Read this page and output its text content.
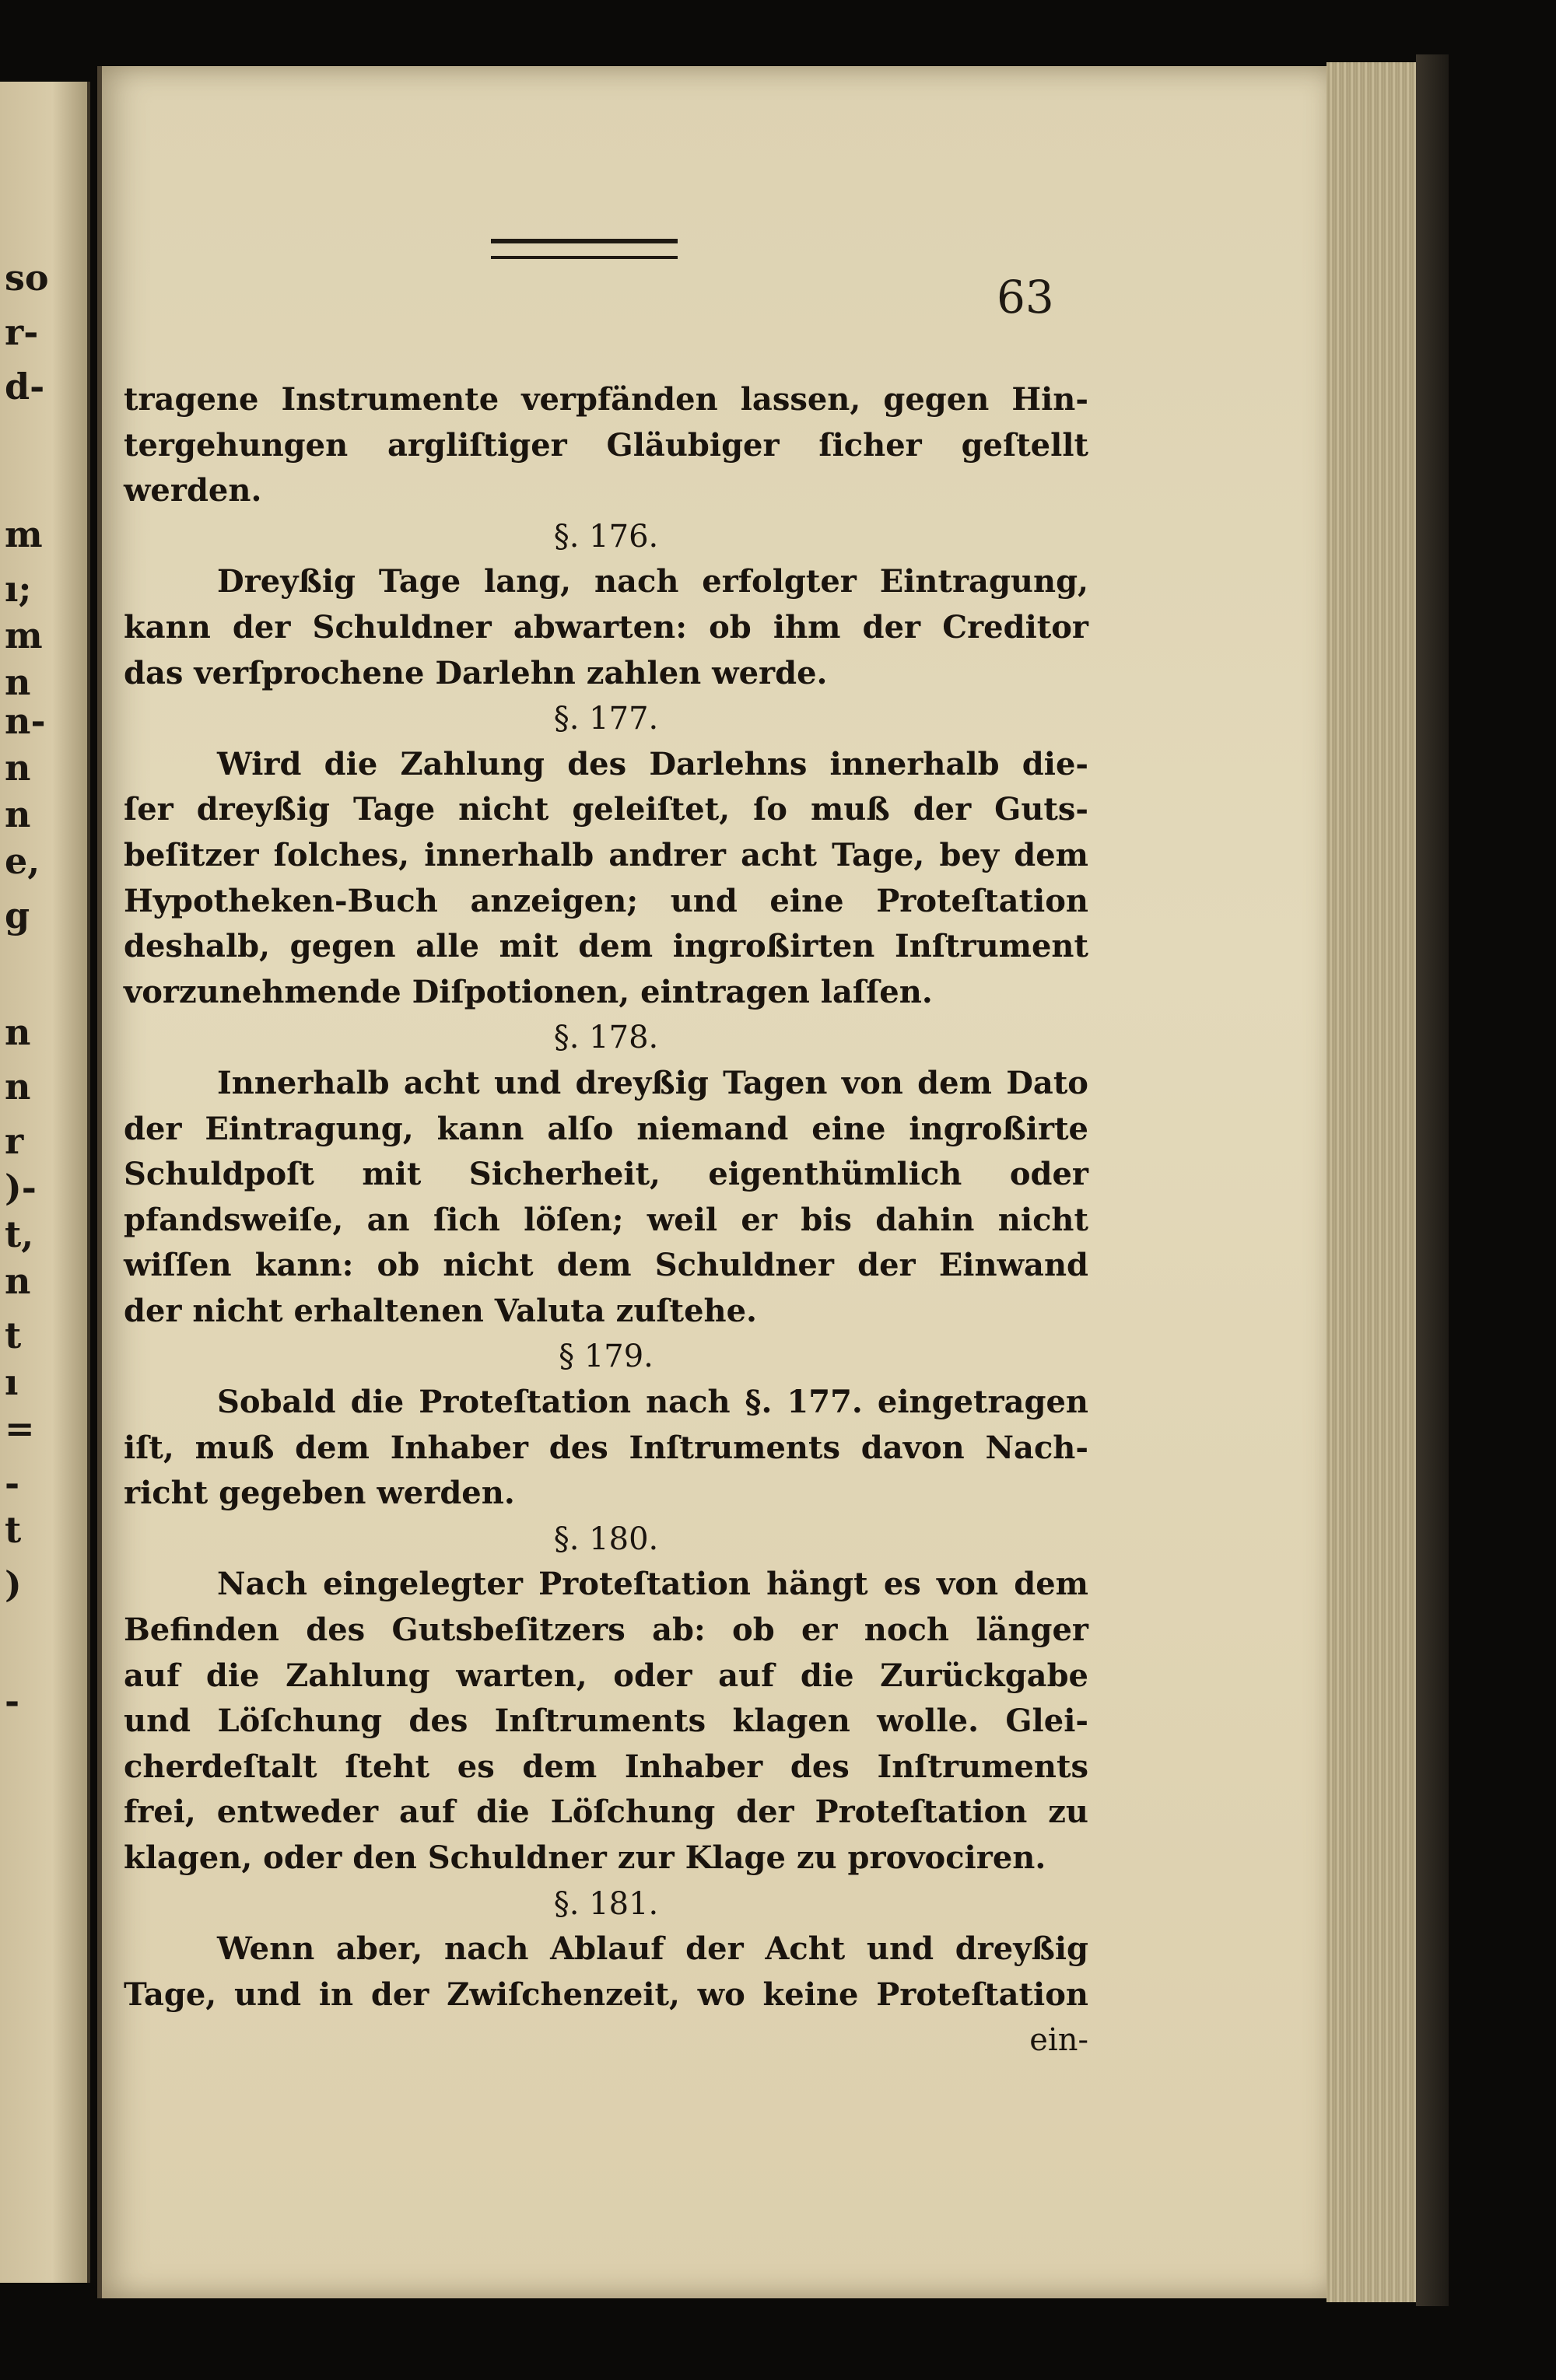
so
r-
d-
m
ı;
m
n
n-
n
n
e,
g
n
n
r
)-
t,
n
t
ı
=
-
t
)
-
63
tragene Instrumente verpfänden lassen, gegen Hin-
tergehungen argliſtiger Gläubiger ſicher geſtellt
werden.
§. 176.
Dreyßig Tage lang, nach erfolgter Eintragung,
kann der Schuldner abwarten: ob ihm der Creditor
das verſprochene Darlehn zahlen werde.
§. 177.
Wird die Zahlung des Darlehns innerhalb die-
ſer dreyßig Tage nicht geleiſtet, ſo muß der Guts-
beſitzer ſolches, innerhalb andrer acht Tage, bey dem
Hypotheken-Buch anzeigen; und eine Proteſtation
deshalb, gegen alle mit dem ingroßirten Inſtrument
vorzunehmende Diſpotionen, eintragen laſſen.
§. 178.
Innerhalb acht und dreyßig Tagen von dem Dato
der Eintragung, kann alſo niemand eine ingroßirte
Schuldpoſt mit Sicherheit, eigenthümlich oder
pfandsweiſe, an ſich löſen; weil er bis dahin nicht
wiſſen kann: ob nicht dem Schuldner der Einwand
der nicht erhaltenen Valuta zuſtehe.
§ 179.
Sobald die Proteſtation nach §. 177. eingetragen
iſt, muß dem Inhaber des Inſtruments davon Nach-
richt gegeben werden.
§. 180.
Nach eingelegter Proteſtation hängt es von dem
Befinden des Gutsbeſitzers ab: ob er noch länger
auf die Zahlung warten, oder auf die Zurückgabe
und Löſchung des Inſtruments klagen wolle. Glei-
cherdeſtalt ſteht es dem Inhaber des Inſtruments
frei, entweder auf die Löſchung der Proteſtation zu
klagen, oder den Schuldner zur Klage zu provociren.
§. 181.
Wenn aber, nach Ablauf der Acht und dreyßig
Tage, und in der Zwiſchenzeit, wo keine Proteſtation
ein-
